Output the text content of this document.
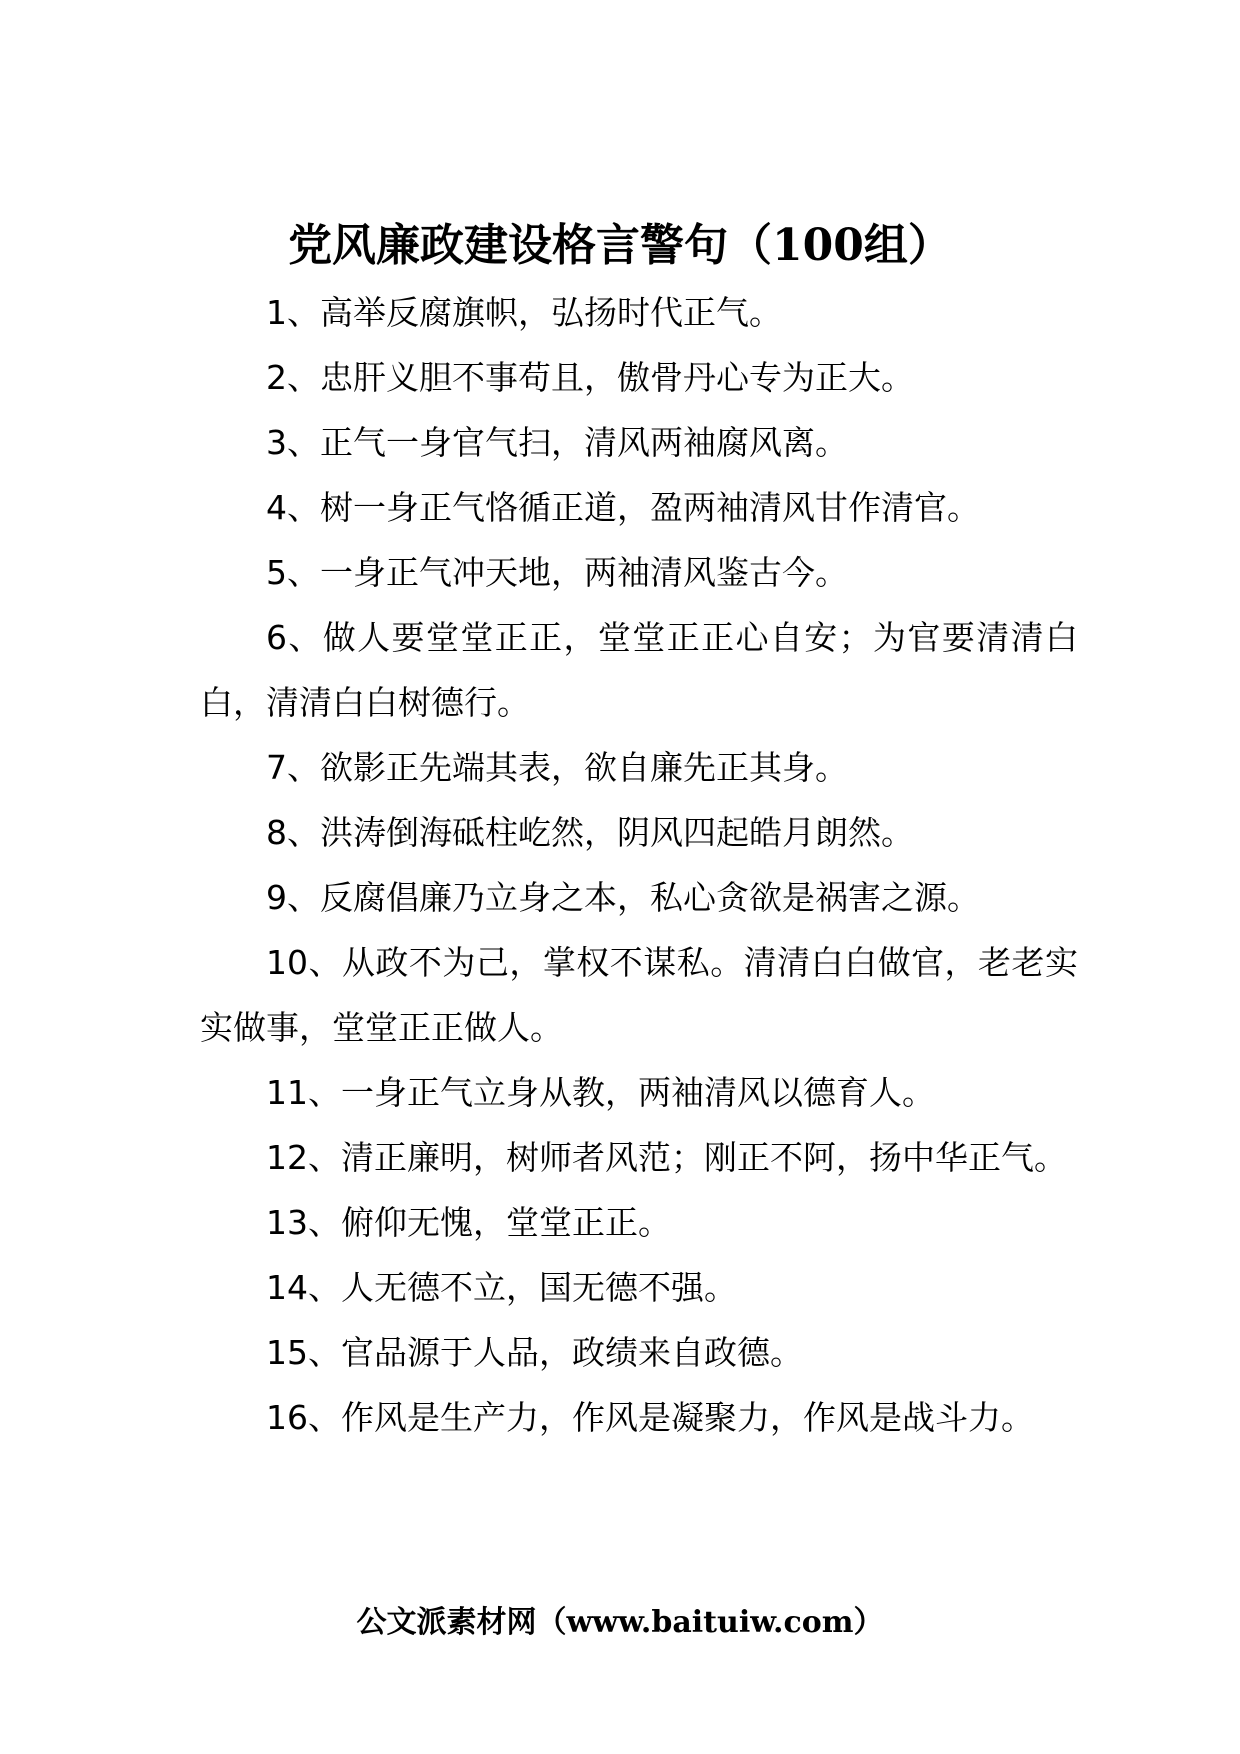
党风廉政建设格言警句（100组）

1、高举反腐旗帜，弘扬时代正气。

2、忠肝义胆不事苟且，傲骨丹心专为正大。

3、正气一身官气扫，清风两袖腐风离。

4、树一身正气恪循正道，盈两袖清风甘作清官。

5、一身正气冲天地，两袖清风鉴古今。

6、做人要堂堂正正，堂堂正正心自安；为官要清清白白，清清白白树德行。

7、欲影正先端其表，欲自廉先正其身。

8、洪涛倒海砥柱屹然，阴风四起皓月朗然。

9、反腐倡廉乃立身之本，私心贪欲是祸害之源。

10、从政不为己，掌权不谋私。清清白白做官，老老实实做事，堂堂正正做人。

11、一身正气立身从教，两袖清风以德育人。

12、清正廉明，树师者风范；刚正不阿，扬中华正气。

13、俯仰无愧，堂堂正正。

14、人无德不立，国无德不强。

15、官品源于人品，政绩来自政德。

16、作风是生产力，作风是凝聚力，作风是战斗力。

公文派素材网（www.baituiw.com）
